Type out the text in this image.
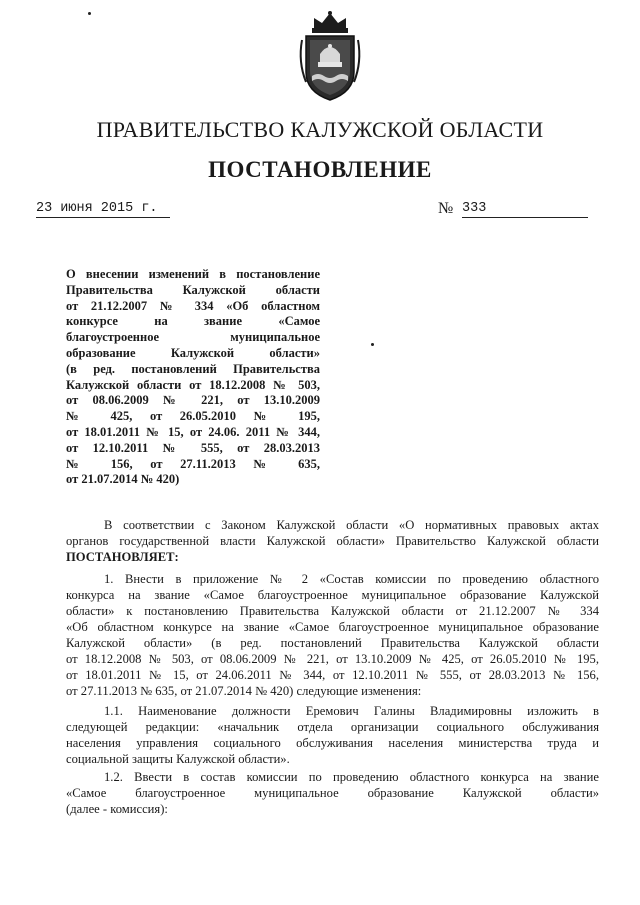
ПРАВИТЕЛЬСТВО КАЛУЖСКОЙ ОБЛАСТИ
ПОСТАНОВЛЕНИЕ
23 июня 2015 г.	№ 333
О внесении изменений в постановление
Правительства Калужской области
от 21.12.2007 № 334 «Об областном
конкурсе на звание «Самое
благоустроенное муниципальное
образование Калужской области»
(в ред. постановлений Правительства
Калужской области от 18.12.2008 № 503,
от 08.06.2009 № 221, от 13.10.2009
№ 425, от 26.05.2010 № 195,
от 18.01.2011 № 15, от 24.06. 2011 № 344,
от 12.10.2011 № 555, от 28.03.2013
№ 156, от 27.11.2013 № 635,
от 21.07.2014 № 420)
В соответствии с Законом Калужской области «О нормативных правовых актах
органов государственной власти Калужской области» Правительство Калужской области
ПОСТАНОВЛЯЕТ:
1. Внести в приложение № 2 «Состав комиссии по проведению областного
конкурса на звание «Самое благоустроенное муниципальное образование Калужской
области» к постановлению Правительства Калужской области от 21.12.2007 № 334
«Об областном конкурсе на звание «Самое благоустроенное муниципальное образование
Калужской области» (в ред. постановлений Правительства Калужской области
от 18.12.2008 № 503, от 08.06.2009 № 221, от 13.10.2009 № 425, от 26.05.2010 № 195,
от 18.01.2011 № 15, от 24.06.2011 № 344, от 12.10.2011 № 555, от 28.03.2013 № 156,
от 27.11.2013 № 635, от 21.07.2014 № 420) следующие изменения:
1.1. Наименование должности Еремович Галины Владимировны изложить в
следующей редакции: «начальник отдела организации социального обслуживания
населения управления социального обслуживания населения министерства труда и
социальной защиты Калужской области».
1.2. Ввести в состав комиссии по проведению областного конкурса на звание
«Самое благоустроенное муниципальное образование Калужской области»
(далее - комиссия):
